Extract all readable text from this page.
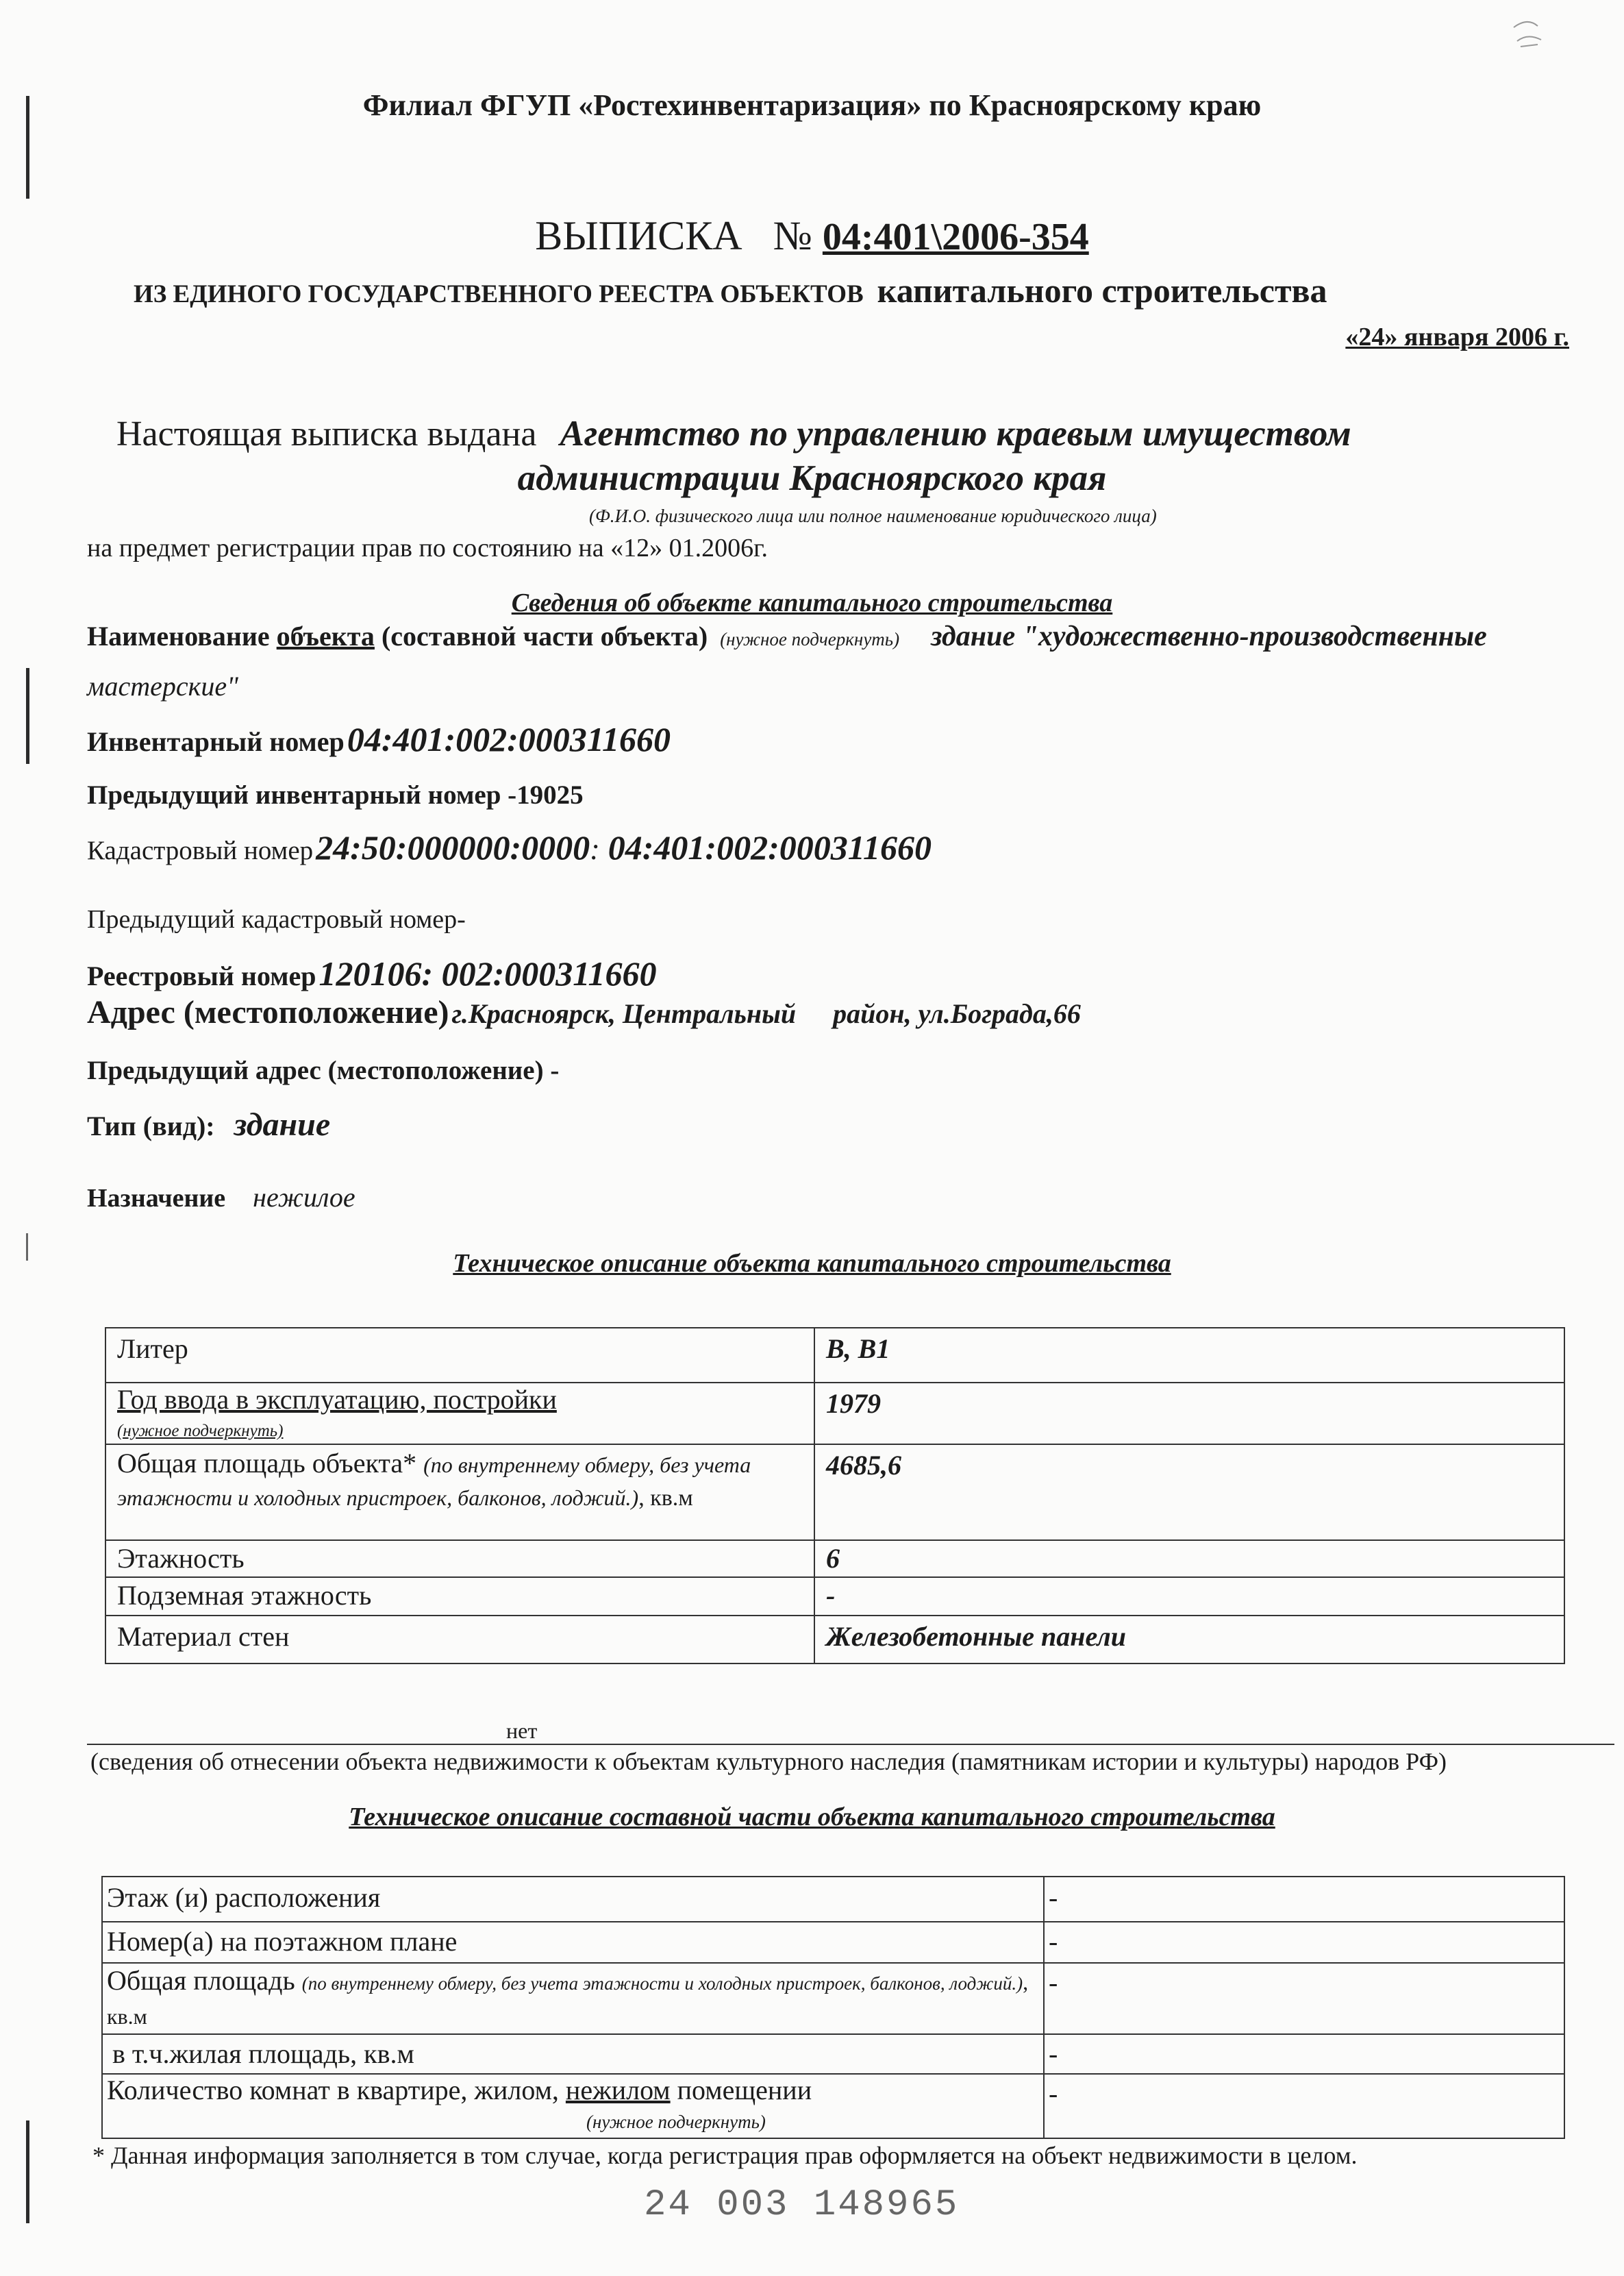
Филиал ФГУП «Ростехинвентаризация» по Красноярскому краю
ВЫПИСКА № 04:401\2006-354
ИЗ ЕДИНОГО ГОСУДАРСТВЕННОГО РЕЕСТРА ОБЪЕКТОВ капитального строительства
«24» января 2006 г.
Настоящая выписка выдана Агентство по управлению краевым имуществом
администрации Красноярского края
(Ф.И.О. физического лица или полное наименование юридического лица)
на предмет регистрации прав по состоянию на «12» 01.2006г.
Сведения об объекте капитального строительства
Наименование объекта (составной части объекта) (нужное подчеркнуть) здание "художественно-производственные
мастерские"
Инвентарный номер 04:401:002:000311660
Предыдущий инвентарный номер -19025
Кадастровый номер 24:50:000000:0000: 04:401:002:000311660
Предыдущий кадастровый номер-
Реестровый номер 120106: 002:000311660
Адрес (местоположение) г.Красноярск, Центральный район, ул.Бограда,66
Предыдущий адрес (местоположение) -
Тип (вид): здание
Назначение нежилое
Техническое описание объекта капитального строительства
Литер	В, В1
Год ввода в эксплуатацию, постройки
(нужное подчеркнуть)	1979
Общая площадь объекта* (по внутреннему обмеру, без учета этажности и холодных пристроек, балконов, лоджий.), кв.м	4685,6
Этажность	6
Подземная этажность	-
Материал стен	Железобетонные панели
нет
(сведения об отнесении объекта недвижимости к объектам культурного наследия (памятникам истории и культуры) народов РФ)
Техническое описание составной части объекта капитального строительства
Этаж (и) расположения	-
Номер(а) на поэтажном плане	-
Общая площадь (по внутреннему обмеру, без учета этажности и холодных пристроек, балконов, лоджий.), кв.м	-
в т.ч.жилая площадь, кв.м	-
Количество комнат в квартире, жилом, нежилом помещении
(нужное подчеркнуть)	-
* Данная информация заполняется в том случае, когда регистрация прав оформляется на объект недвижимости в целом.
24 003 148965
